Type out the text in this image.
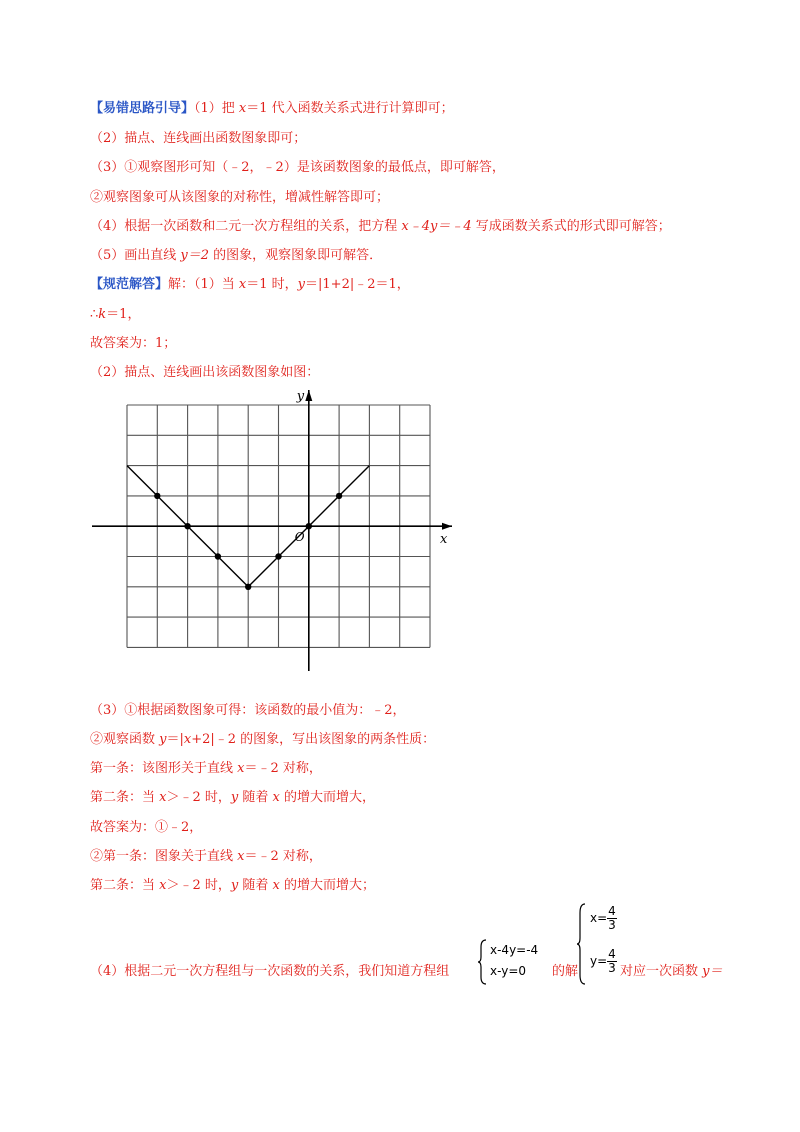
【易错思路引导】（1）把 x＝1 代入函数关系式进行计算即可；
（2）描点、连线画出函数图象即可；
（3）①观察图形可知（﹣2，﹣2）是该函数图象的最低点，即可解答，
②观察图象可从该图象的对称性，增减性解答即可；
（4）根据一次函数和二元一次方程组的关系，把方程 x﹣4y＝﹣4 写成函数关系式的形式即可解答；
（5）画出直线 y＝2 的图象，观察图象即可解答．
【规范解答】解：（1）当 x＝1 时，y＝|1+2|﹣2＝1，
∴k＝1，
故答案为：1；
（2）描点、连线画出该函数图象如图：
x
y
O
（3）①根据函数图象可得：该函数的最小值为：﹣2，
②观察函数 y＝|x+2|﹣2 的图象，写出该图象的两条性质：
第一条：该图形关于直线 x＝﹣2 对称，
第二条：当 x＞﹣2 时，y 随着 x 的增大而增大，
故答案为：①﹣2，
②第一条：图象关于直线 x＝﹣2 对称，
第二条：当 x＞﹣2 时，y 随着 x 的增大而增大；
（4）根据二元一次方程组与一次函数的关系，我们知道方程组
x-4y=-4
x-y=0 的解
$x= \frac{4}{3}$
$y= \frac{4}{3}$ 对应一次函数 y＝
